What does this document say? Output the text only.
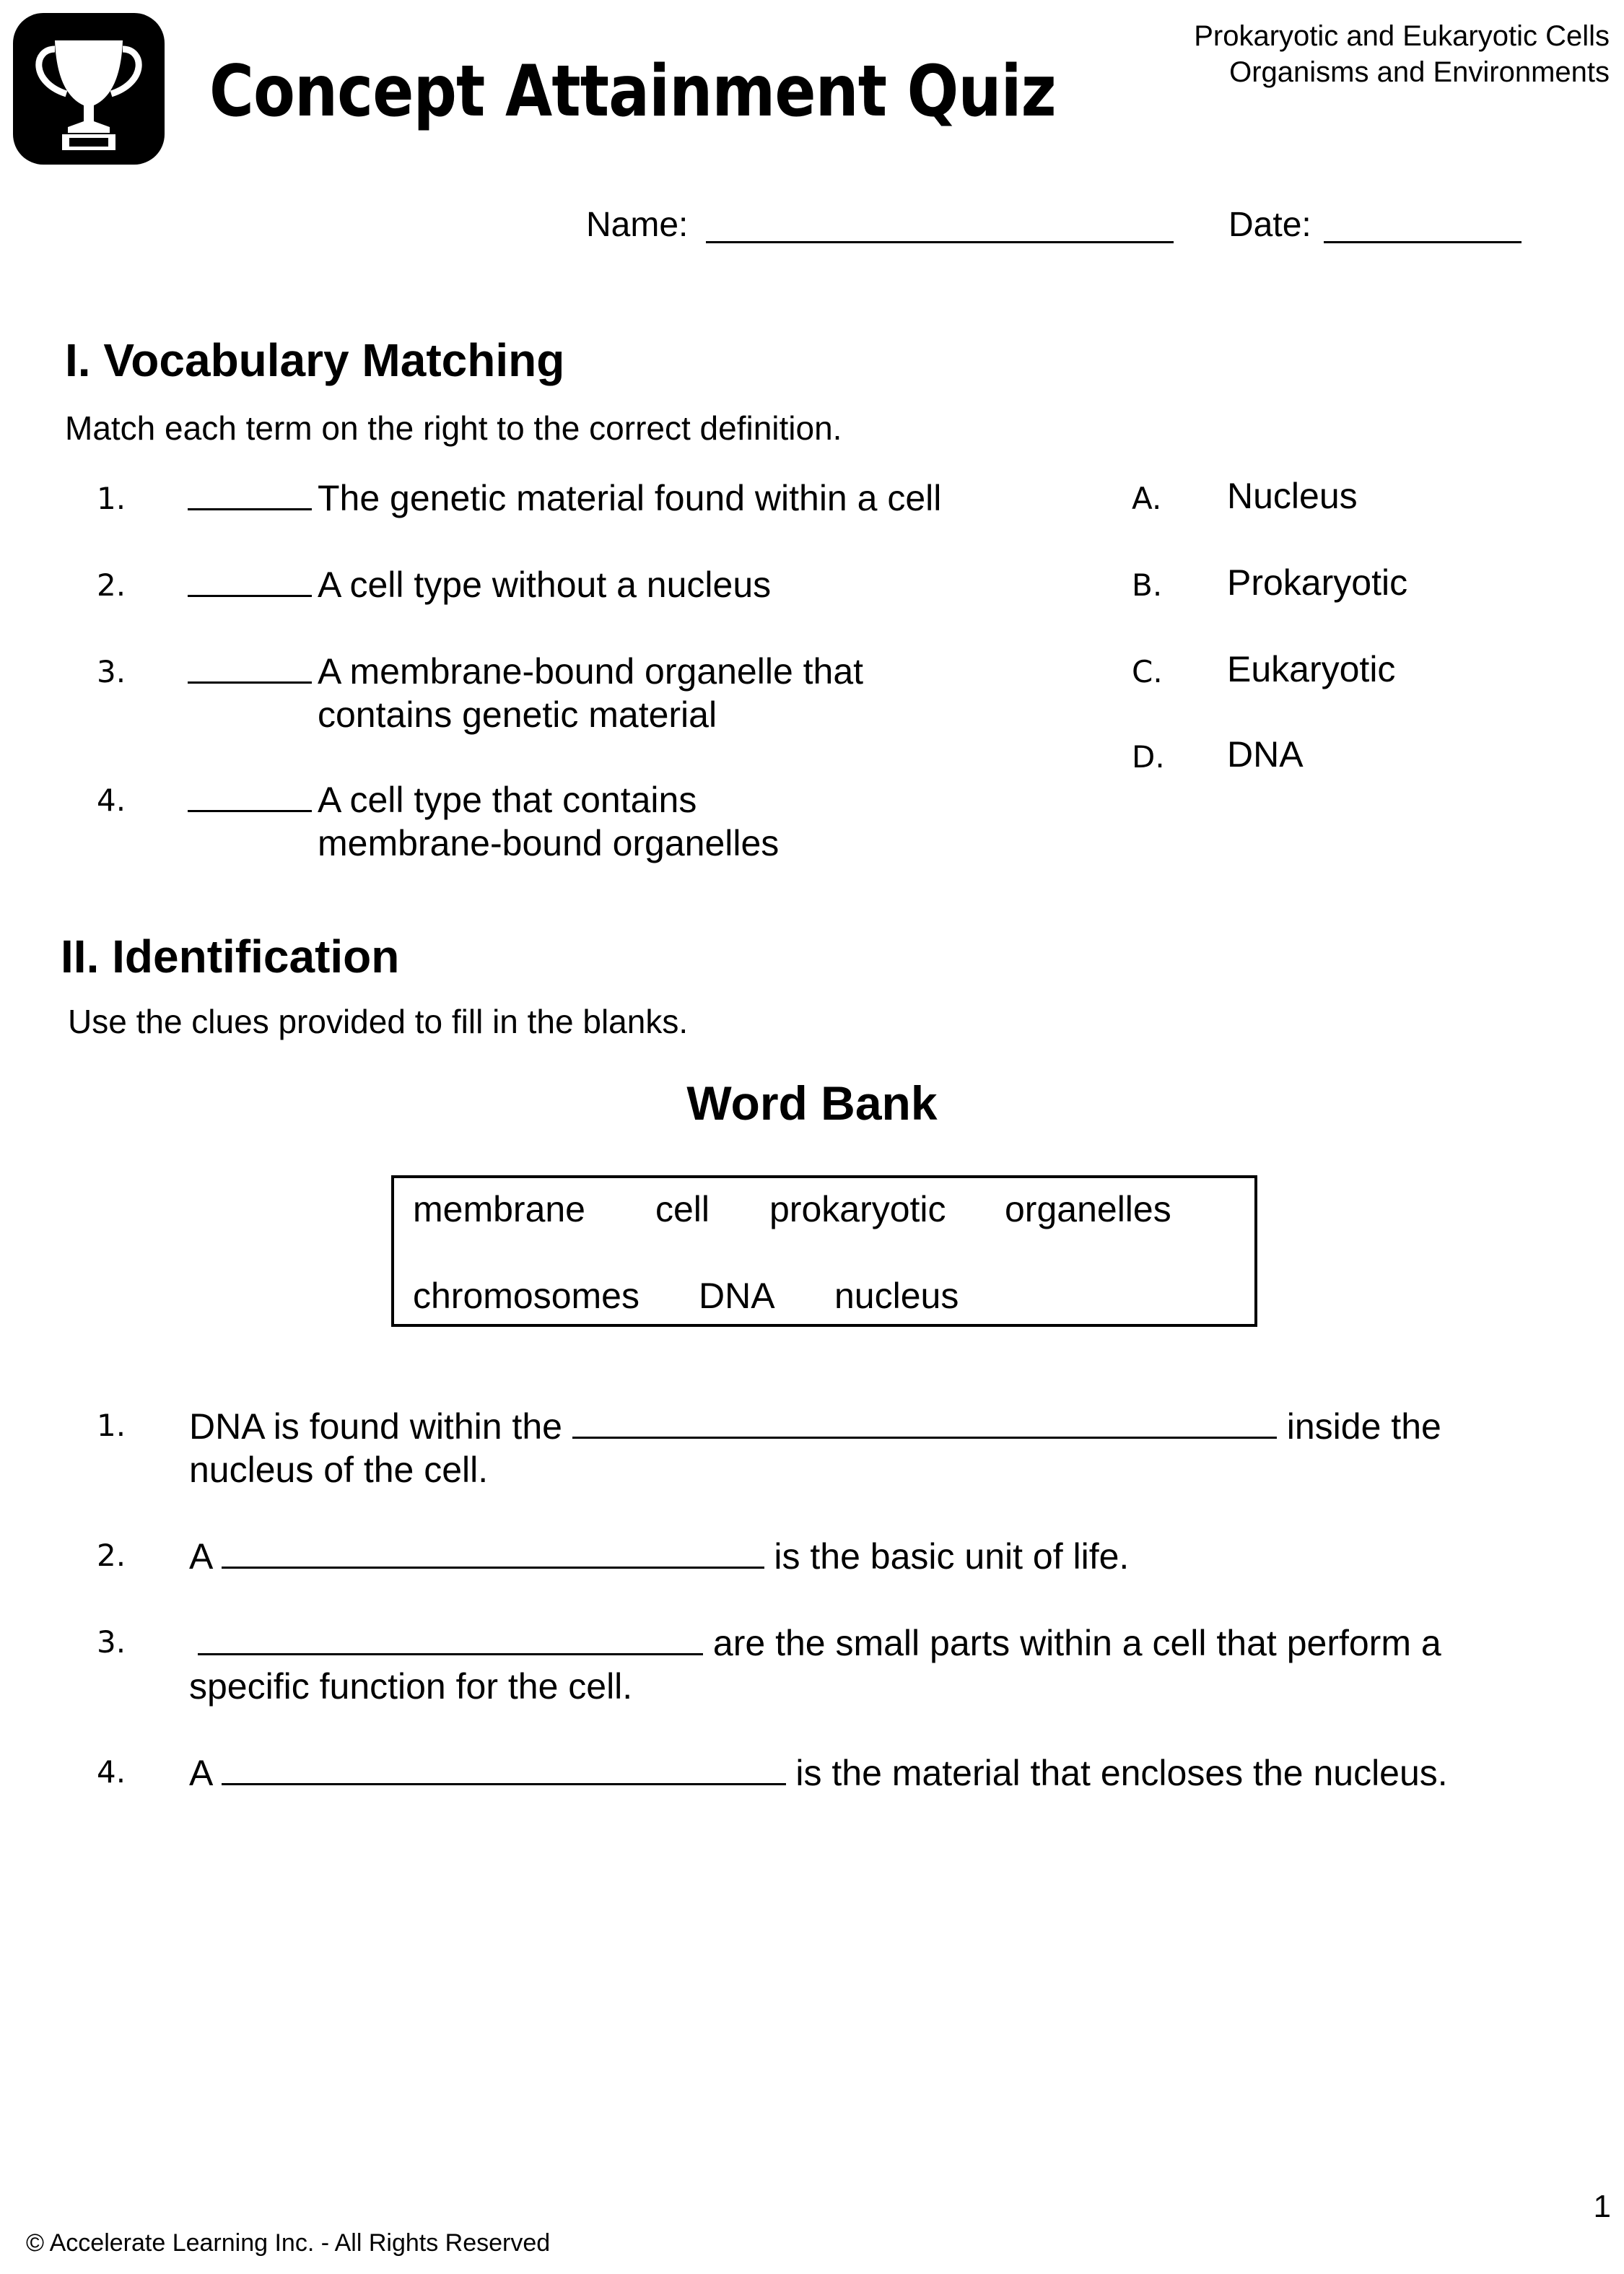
Concept Attainment Quiz
Prokaryotic and Eukaryotic Cells
Organisms and Environments
Name:	Date:
I. Vocabulary Matching
Match each term on the right to the correct definition.
1.	The genetic material found within a cell
2.	A cell type without a nucleus
3.	A membrane-bound organelle that
contains genetic material
4.	A cell type that contains
membrane-bound organelles
A. Nucleus
B. Prokaryotic
C. Eukaryotic
D. DNA
II. Identification
Use the clues provided to fill in the blanks.
Word Bank
membrane cell prokaryotic organelles
chromosomes DNA nucleus
1. DNA is found within the	inside the
nucleus of the cell.
2. A	is the basic unit of life.
3.	are the small parts within a cell that perform a
specific function for the cell.
4. A	is the material that encloses the nucleus.
© Accelerate Learning Inc. - All Rights Reserved
1
